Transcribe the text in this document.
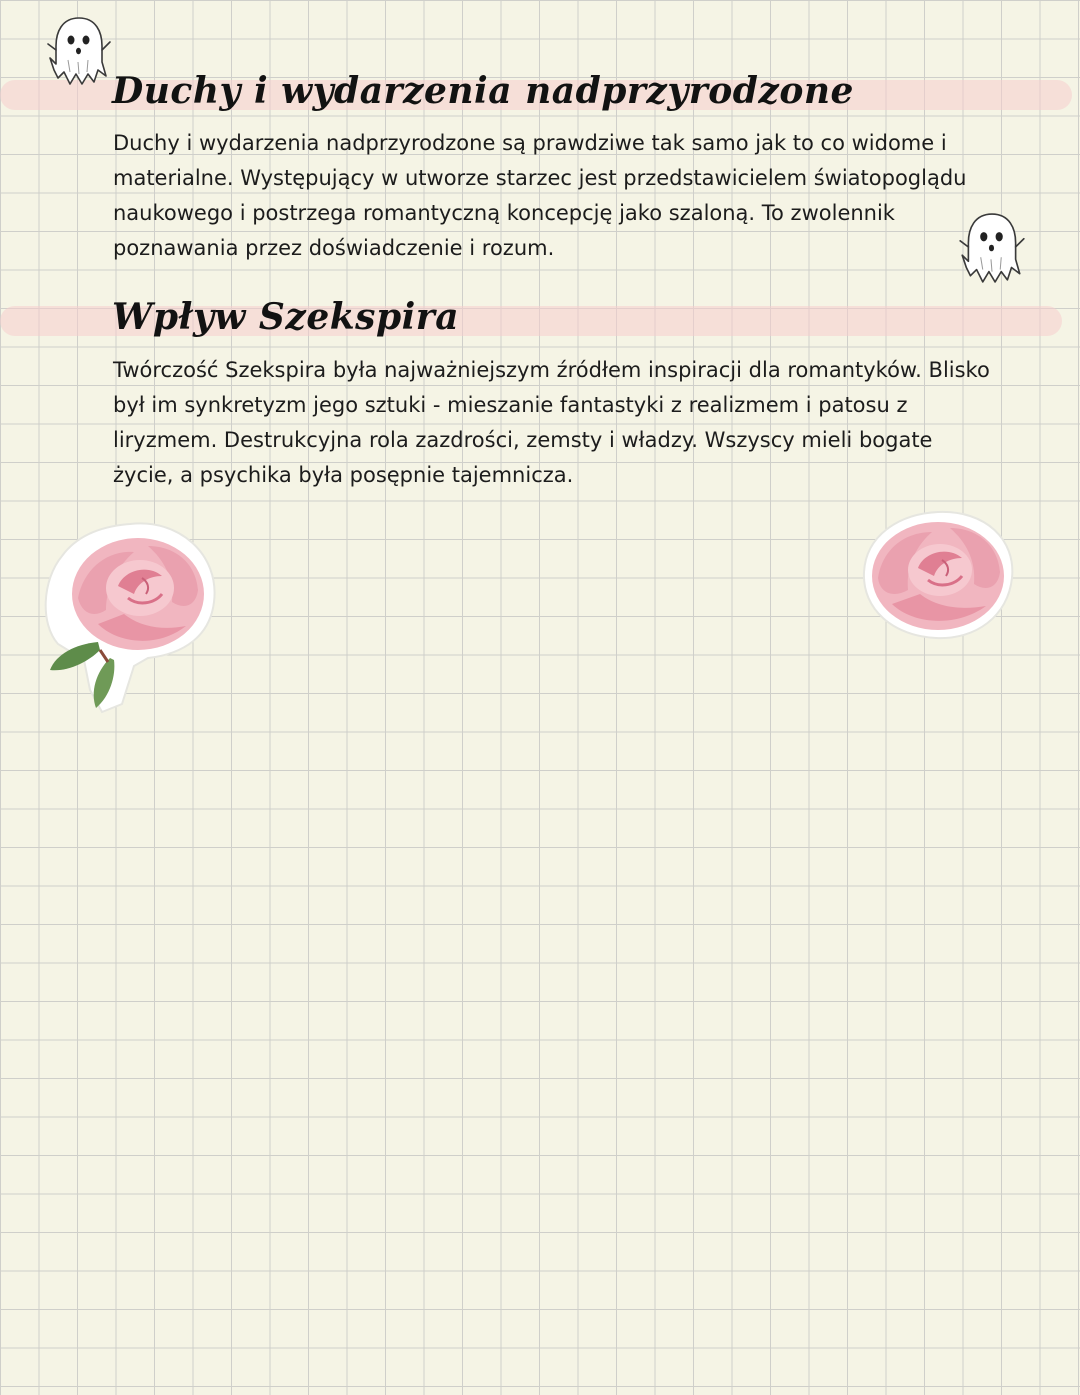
Duchy i wydarzenia nadprzyrodzone
Duchy i wydarzenia nadprzyrodzone są prawdziwe tak samo jak to co widome i
materialne. Występujący w utworze starzec jest przedstawicielem światopoglądu
naukowego i postrzega romantyczną koncepcję jako szaloną. To zwolennik
poznawania przez doświadczenie i rozum.
Wpływ Szekspira
Twórczość Szekspira była najważniejszym źródłem inspiracji dla romantyków. Blisko
był im synkretyzm jego sztuki - mieszanie fantastyki z realizmem i patosu z
liryzmem. Destrukcyjna rola zazdrości, zemsty i władzy. Wszyscy mieli bogate
życie, a psychika była posępnie tajemnicza.
